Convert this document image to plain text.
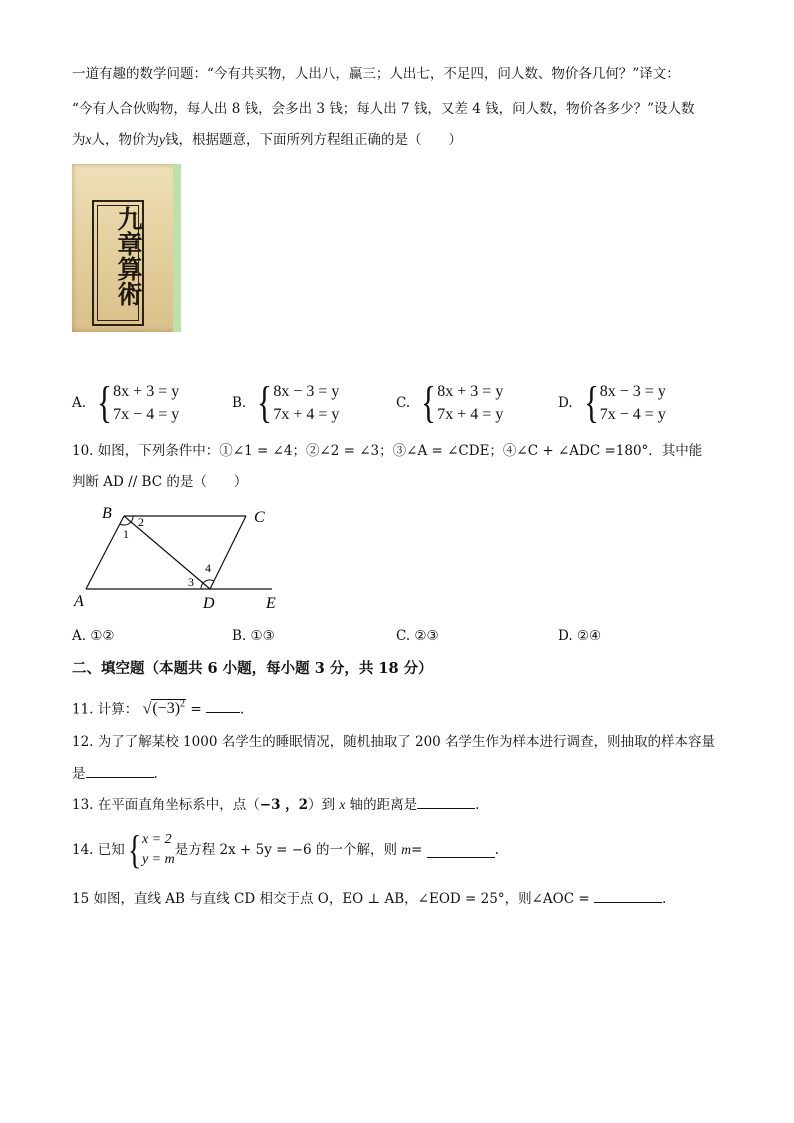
一道有趣的数学问题：“今有共买物，人出八，赢三；人出七，不足四，问人数、物价各几何？”译文：
“今有人合伙购物，每人出 8 钱，会多出 3 钱；每人出 7 钱，又差 4 钱，问人数，物价各多少？”设人数
为x人，物价为y钱，根据题意，下面所列方程组正确的是（　　）
九章算術
A. { 8x + 3 = y
7x − 4 = y
B. { 8x − 3 = y
7x + 4 = y
C. { 8x + 3 = y
7x + 4 = y
D. { 8x − 3 = y
7x − 4 = y
10. 如图，下列条件中：①∠1 = ∠4；②∠2 = ∠3；③∠A = ∠CDE；④∠C + ∠ADC =180°．其中能
判断 AD // BC 的是（　　）
B	C
A	D	E
1
2
3
4
A. ①②	B. ①③	C. ②③	D. ②④
二、填空题（本题共 6 小题，每小题 3 分，共 18 分）
11. 计算： $√(-3)^2$ =	.
12. 为了了解某校 1000 名学生的睡眠情况，随机抽取了 200 名学生作为样本进行调查，则抽取的样本容量
是	.
13. 在平面直角坐标系中，点（−3 ，2）到 x 轴的距离是	.
14. 已知 { x = 2
y = m
是方程 2x + 5y = −6 的一个解，则
m =
	.
15 如图，直线 AB 与直线 CD 相交于点 O，EO ⊥ AB，∠EOD = 25°，则∠AOC =	.
